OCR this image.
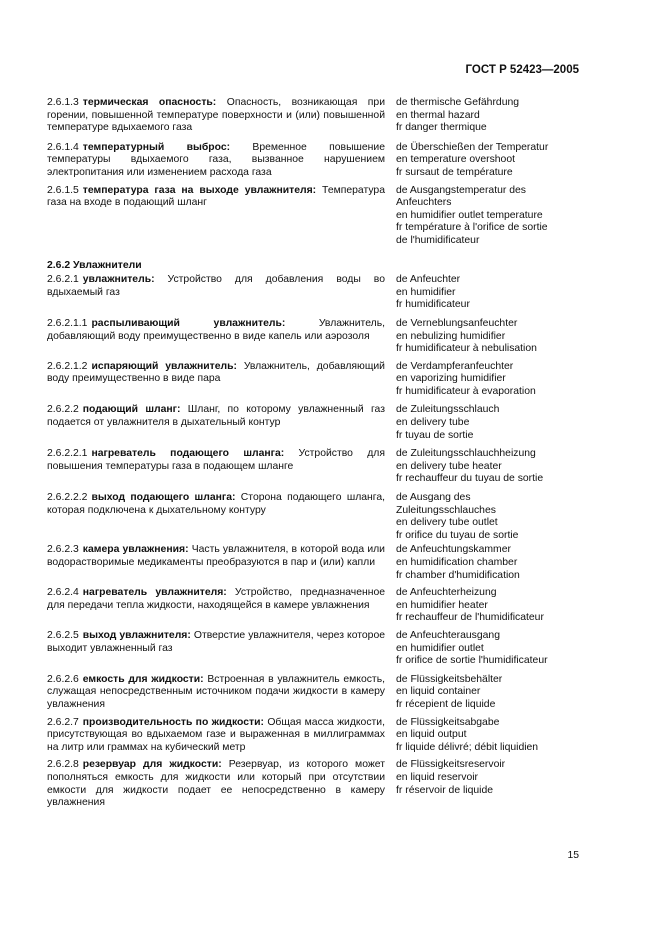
ГОСТ Р 52423—2005
2.6.1.3 термическая опасность: Опасность, возникающая при горении, повышенной температуре поверхности и (или) повышенной температуре вдыхаемого газа
de thermische Gefährdung
en thermal hazard
fr danger thermique
2.6.1.4 температурный выброс: Временное повышение температуры вдыхаемого газа, вызванное нарушением электропитания или изменением расхода газа
de Überschießen der Temperatur
en temperature overshoot
fr sursaut de température
2.6.1.5 температура газа на выходе увлажнителя: Температура газа на входе в подающий шланг
de Ausgangstemperatur des
Anfeuchters
en humidifier outlet temperature
fr température à l'orifice de sortie
de l'humidificateur
2.6.2 Увлажнители
2.6.2.1 увлажнитель: Устройство для добавления воды во вдыхаемый газ
de Anfeuchter
en humidifier
fr humidificateur
2.6.2.1.1 распыливающий увлажнитель: Увлажнитель, добавляющий воду преимущественно в виде капель или аэрозоля
de Verneblungsanfeuchter
en nebulizing humidifier
fr humidificateur à nebulisation
2.6.2.1.2 испаряющий увлажнитель: Увлажнитель, добавляющий воду преимущественно в виде пара
de Verdampferanfeuchter
en vaporizing humidifier
fr humidificateur à evaporation
2.6.2.2 подающий шланг: Шланг, по которому увлажненный газ подается от увлажнителя в дыхательный контур
de Zuleitungsschlauch
en delivery tube
fr tuyau de sortie
2.6.2.2.1 нагреватель подающего шланга: Устройство для повышения температуры газа в подающем шланге
de Zuleitungsschlauchheizung
en delivery tube heater
fr rechauffeur du tuyau de sortie
2.6.2.2.2 выход подающего шланга: Сторона подающего шланга, которая подключена к дыхательному контуру
de Ausgang des
Zuleitungsschlauches
en delivery tube outlet
fr orifice du tuyau de sortie
2.6.2.3 камера увлажнения: Часть увлажнителя, в которой вода или водорастворимые медикаменты преобразуются в пар и (или) капли
de Anfeuchtungskammer
en humidification chamber
fr chamber d'humidification
2.6.2.4 нагреватель увлажнителя: Устройство, предназначенное для передачи тепла жидкости, находящейся в камере увлажнения
de Anfeuchterheizung
en humidifier heater
fr rechauffeur de l'humidificateur
2.6.2.5 выход увлажнителя: Отверстие увлажнителя, через которое выходит увлажненный газ
de Anfeuchterausgang
en humidifier outlet
fr orifice de sortie l'humidificateur
2.6.2.6 емкость для жидкости: Встроенная в увлажнитель емкость, служащая непосредственным источником подачи жидкости в камеру увлажнения
de Flüssigkeitsbehälter
en liquid container
fr récepient de liquide
2.6.2.7 производительность по жидкости: Общая масса жидкости, присутствующая во вдыхаемом газе и выраженная в миллиграммах на литр или граммах на кубический метр
de Flüssigkeitsabgabe
en liquid output
fr liquide délivré; débit liquidien
2.6.2.8 резервуар для жидкости: Резервуар, из которого может пополняться емкость для жидкости или который при отсутствии емкости для жидкости подает ее непосредственно в камеру увлажнения
de Flüssigkeitsreservoir
en liquid reservoir
fr réservoir de liquide
15
